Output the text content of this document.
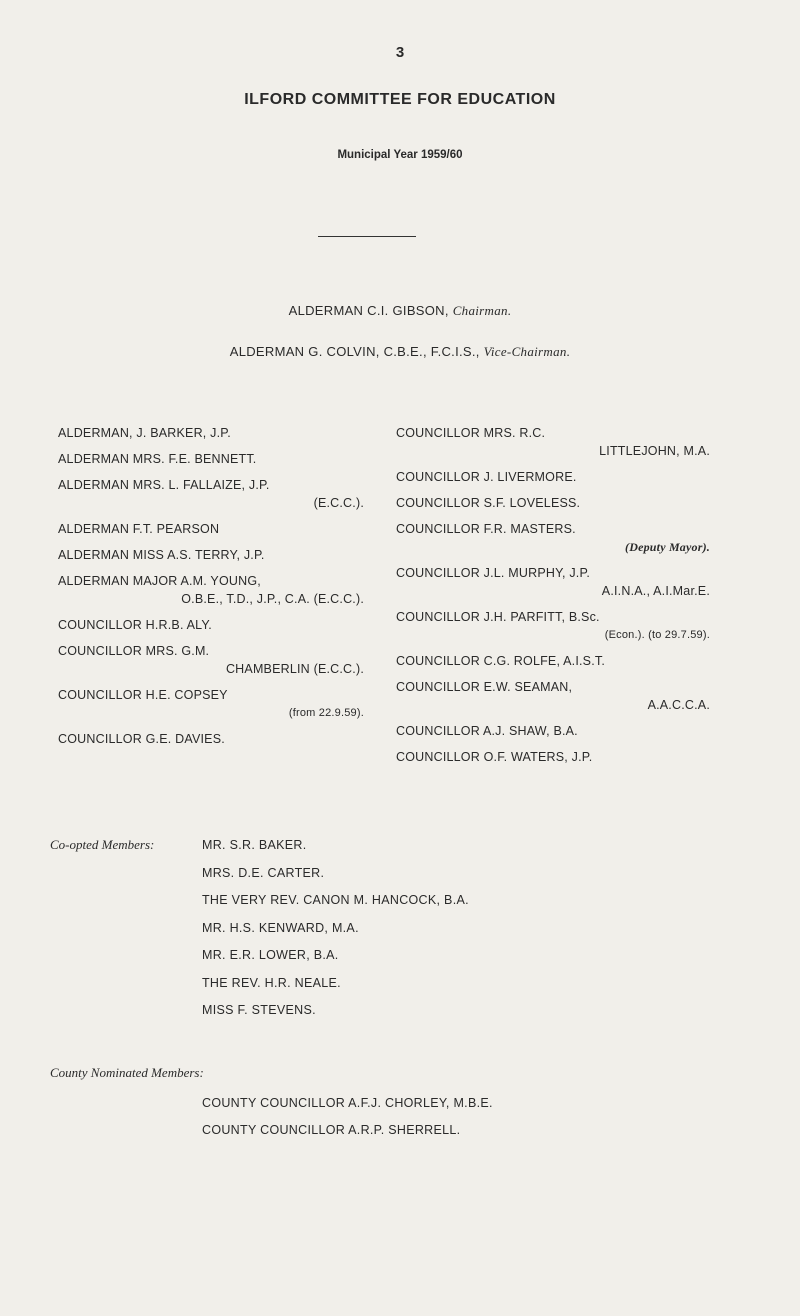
3
ILFORD COMMITTEE FOR EDUCATION
Municipal Year 1959/60
ALDERMAN C.I. GIBSON, Chairman.
ALDERMAN G. COLVIN, C.B.E., F.C.I.S., Vice-Chairman.
ALDERMAN, J. BARKER, J.P.
ALDERMAN MRS. F.E. BENNETT.
ALDERMAN MRS. L. FALLAIZE, J.P.
(E.C.C.).
ALDERMAN F.T. PEARSON
ALDERMAN MISS A.S. TERRY, J.P.
ALDERMAN MAJOR A.M. YOUNG,
O.B.E., T.D., J.P., C.A. (E.C.C.).
COUNCILLOR H.R.B. ALY.
COUNCILLOR MRS. G.M.
CHAMBERLIN (E.C.C.).
COUNCILLOR H.E. COPSEY
(from 22.9.59).
COUNCILLOR G.E. DAVIES.
COUNCILLOR MRS. R.C.
LITTLEJOHN, M.A.
COUNCILLOR J. LIVERMORE.
COUNCILLOR S.F. LOVELESS.
COUNCILLOR F.R. MASTERS.
(Deputy Mayor).
COUNCILLOR J.L. MURPHY, J.P.
A.I.N.A., A.I.Mar.E.
COUNCILLOR J.H. PARFITT, B.Sc.
(Econ.). (to 29.7.59).
COUNCILLOR C.G. ROLFE, A.I.S.T.
COUNCILLOR E.W. SEAMAN,
A.A.C.C.A.
COUNCILLOR A.J. SHAW, B.A.
COUNCILLOR O.F. WATERS, J.P.
Co-opted Members:	MR. S.R. BAKER.
MRS. D.E. CARTER.
THE VERY REV. CANON M. HANCOCK, B.A.
MR. H.S. KENWARD, M.A.
MR. E.R. LOWER, B.A.
THE REV. H.R. NEALE.
MISS F. STEVENS.
County Nominated Members:
COUNTY COUNCILLOR A.F.J. CHORLEY, M.B.E.
COUNTY COUNCILLOR A.R.P. SHERRELL.
